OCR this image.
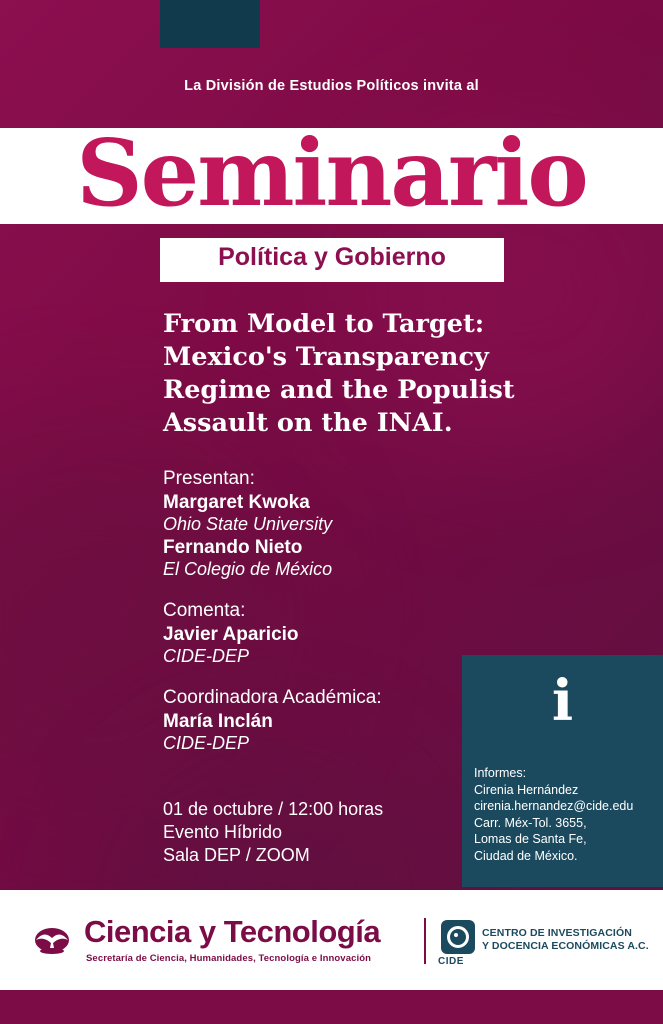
La División de Estudios Políticos invita al
Seminario
Política y Gobierno
From Model to Target: Mexico's Transparency Regime and the Populist Assault on the INAI.

Presentan:

Margaret Kwoka

Ohio State University

Fernando Nieto

El Colegio de México

Comenta:

Javier Aparicio

CIDE-DEP

Coordinadora Académica:

María Inclán

CIDE-DEP

01 de octubre / 12:00 horas
Evento Híbrido
Sala DEP / ZOOM
i
Informes:
Cirenia Hernández
cirenia.hernandez@cide.edu
Carr. Méx-Tol. 3655,
Lomas de Santa Fe,
Ciudad de México.
Ciencia y Tecnología
Secretaría de Ciencia, Humanidades, Tecnología e Innovación	CIDE
CENTRO DE INVESTIGACIÓN
Y DOCENCIA ECONÓMICAS A.C.
